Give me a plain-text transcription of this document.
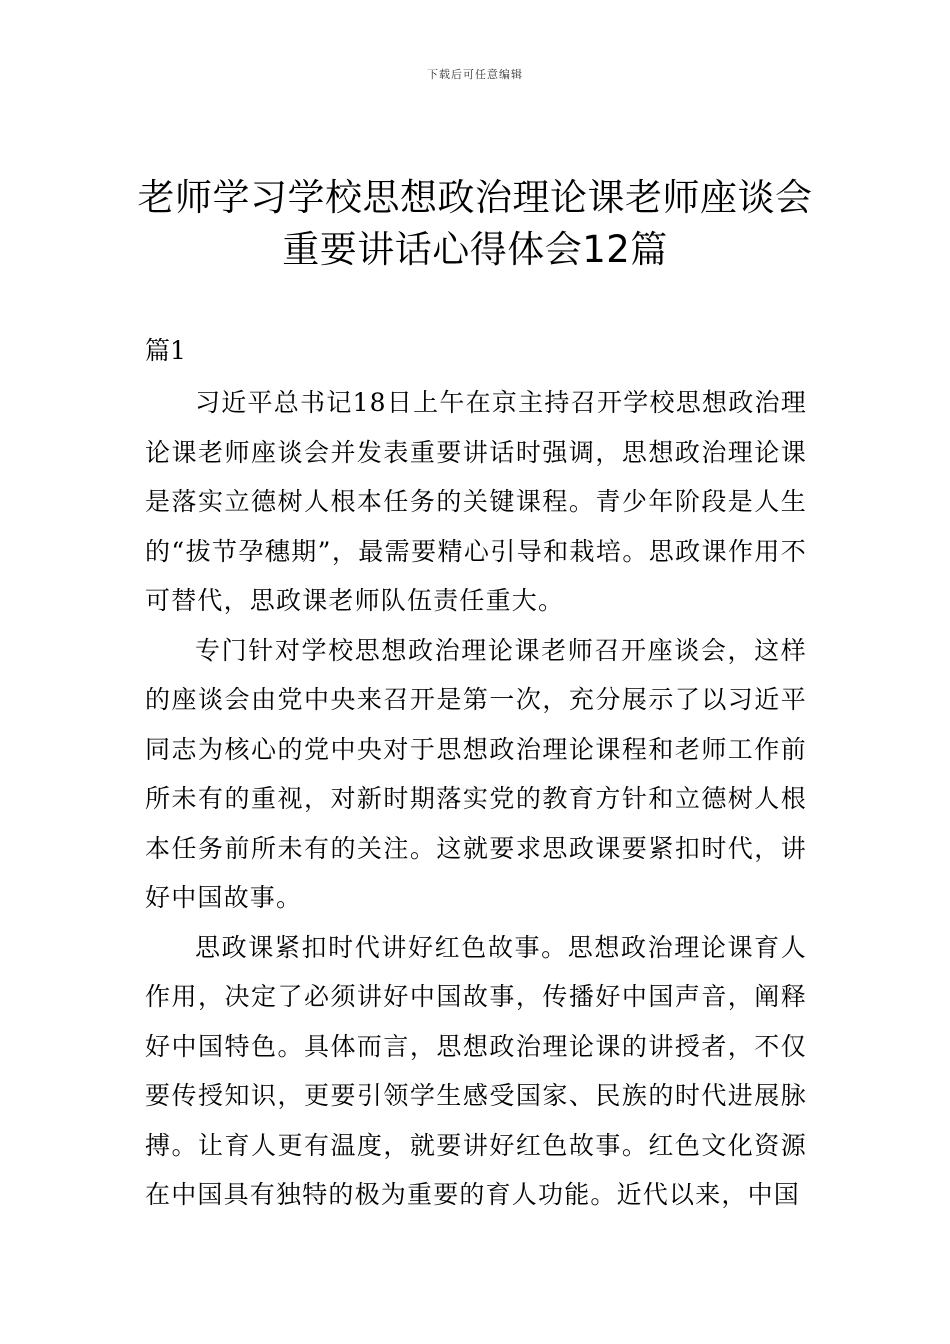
下载后可任意编辑
老师学习学校思想政治理论课老师座谈会
重要讲话心得体会12篇
篇1

习近平总书记18日上午在京主持召开学校思想政治理论课老师座谈会并发表重要讲话时强调，思想政治理论课是落实立德树人根本任务的关键课程。青少年阶段是人生的“拔节孕穗期”，最需要精心引导和栽培。思政课作用不可替代，思政课老师队伍责任重大。

专门针对学校思想政治理论课老师召开座谈会，这样的座谈会由党中央来召开是第一次，充分展示了以习近平同志为核心的党中央对于思想政治理论课程和老师工作前所未有的重视，对新时期落实党的教育方针和立德树人根本任务前所未有的关注。这就要求思政课要紧扣时代，讲好中国故事。

思政课紧扣时代讲好红色故事。思想政治理论课育人作用，决定了必须讲好中国故事，传播好中国声音，阐释好中国特色。具体而言，思想政治理论课的讲授者，不仅要传授知识，更要引领学生感受国家、民族的时代进展脉搏。让育人更有温度，就要讲好红色故事。红色文化资源在中国具有独特的极为重要的育人功能。近代以来，中国
